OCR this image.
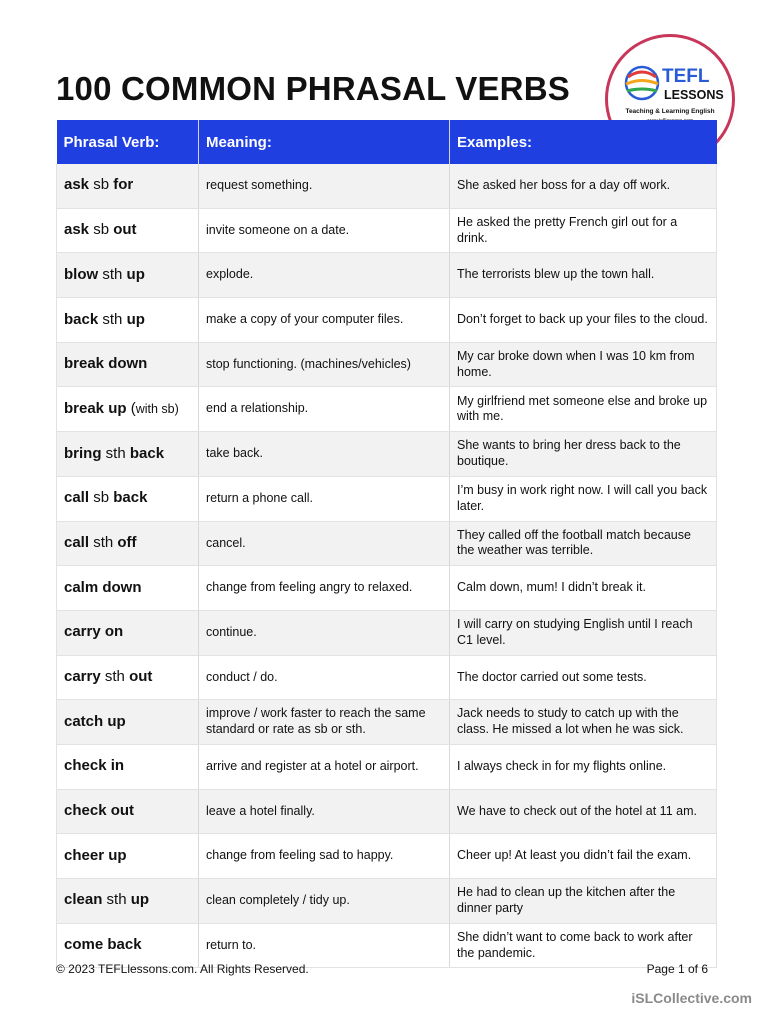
100 COMMON PHRASAL VERBS	TEFL
LESSONS
Teaching & Learning English
Phrasal Verb:	Meaning:	Examples:
ask sb for	request something.	She asked her boss for a day off work.
ask sb out	invite someone on a date.	He asked the pretty French girl out for a drink.
blow sth up	explode.	The terrorists blew up the town hall.
back sth up	make a copy of your computer files.	Don’t forget to back up your files to the cloud.
break down	stop functioning. (machines/vehicles)	My car broke down when I was 10 km from home.
break up (with sb)	end a relationship.	My girlfriend met someone else and broke up with me.
bring sth back	take back.	She wants to bring her dress back to the boutique.
call sb back	return a phone call.	I’m busy in work right now. I will call you back later.
call sth off	cancel.	They called off the football match because the weather was terrible.
calm down	change from feeling angry to relaxed.	Calm down, mum! I didn’t break it.
carry on	continue.	I will carry on studying English until I reach C1 level.
carry sth out	conduct / do.	The doctor carried out some tests.
catch up	improve / work faster to reach the same standard or rate as sb or sth.	Jack needs to study to catch up with the class. He missed a lot when he was sick.
check in	arrive and register at a hotel or airport.	I always check in for my flights online.
check out	leave a hotel finally.	We have to check out of the hotel at 11 am.
cheer up	change from feeling sad to happy.	Cheer up! At least you didn’t fail the exam.
clean sth up	clean completely / tidy up.	He had to clean up the kitchen after the dinner party
come back	return to.	She didn’t want to come back to work after the pandemic.
© 2023 TEFLlessons.com. All Rights Reserved.	Page 1 of 6
iSLCollective.com
